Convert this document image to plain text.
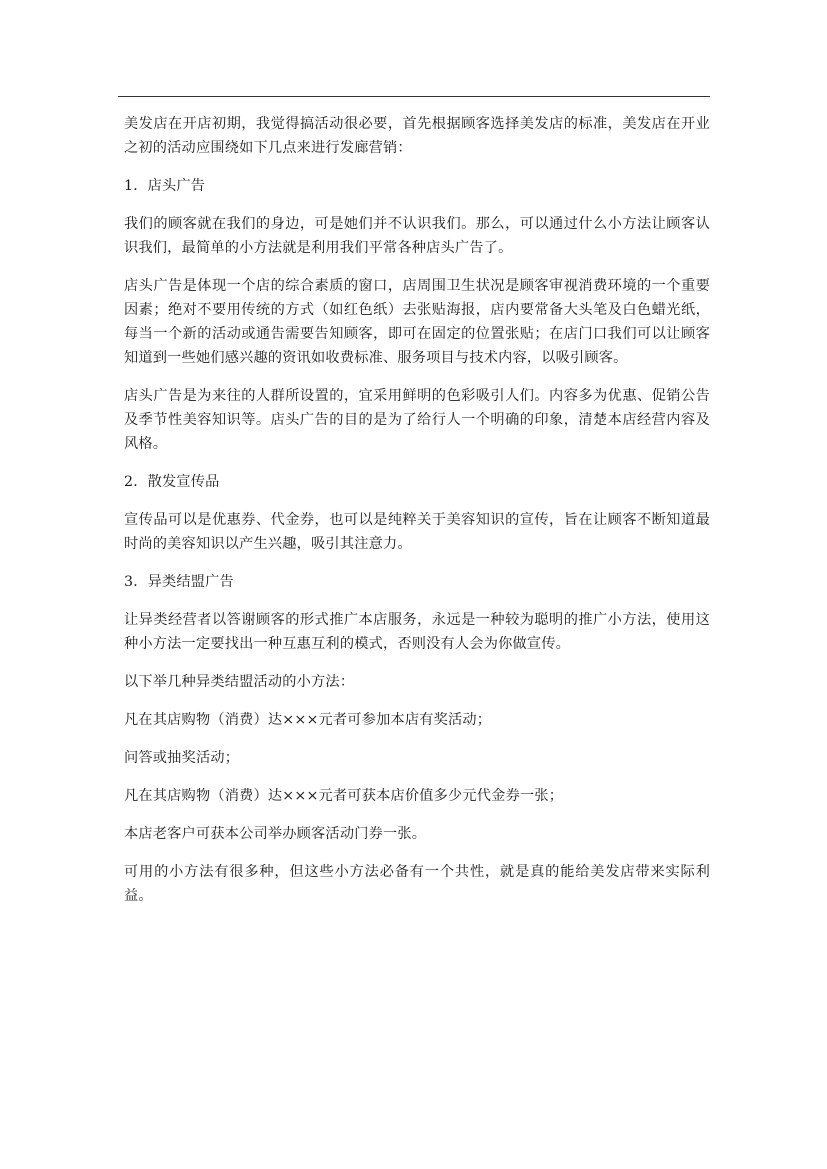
美发店在开店初期，我觉得搞活动很必要，首先根据顾客选择美发店的标准，美发店在开业之初的活动应围绕如下几点来进行发廊营销：

1．店头广告

我们的顾客就在我们的身边，可是她们并不认识我们。那么，可以通过什么小方法让顾客认识我们，最简单的小方法就是利用我们平常各种店头广告了。

店头广告是体现一个店的综合素质的窗口，店周围卫生状况是顾客审视消费环境的一个重要因素；绝对不要用传统的方式（如红色纸）去张贴海报，店内要常备大头笔及白色蜡光纸，每当一个新的活动或通告需要告知顾客，即可在固定的位置张贴；在店门口我们可以让顾客知道到一些她们感兴趣的资讯如收费标准、服务项目与技术内容，以吸引顾客。

店头广告是为来往的人群所设置的，宜采用鲜明的色彩吸引人们。内容多为优惠、促销公告及季节性美容知识等。店头广告的目的是为了给行人一个明确的印象，清楚本店经营内容及风格。

2．散发宣传品

宣传品可以是优惠券、代金券，也可以是纯粹关于美容知识的宣传，旨在让顾客不断知道最时尚的美容知识以产生兴趣，吸引其注意力。

3．异类结盟广告

让异类经营者以答谢顾客的形式推广本店服务，永远是一种较为聪明的推广小方法，使用这种小方法一定要找出一种互惠互利的模式，否则没有人会为你做宣传。

以下举几种异类结盟活动的小方法：

凡在其店购物（消费）达×××元者可参加本店有奖活动；

问答或抽奖活动；

凡在其店购物（消费）达×××元者可获本店价值多少元代金券一张；

本店老客户可获本公司举办顾客活动门券一张。

可用的小方法有很多种，但这些小方法必备有一个共性，就是真的能给美发店带来实际利益。
